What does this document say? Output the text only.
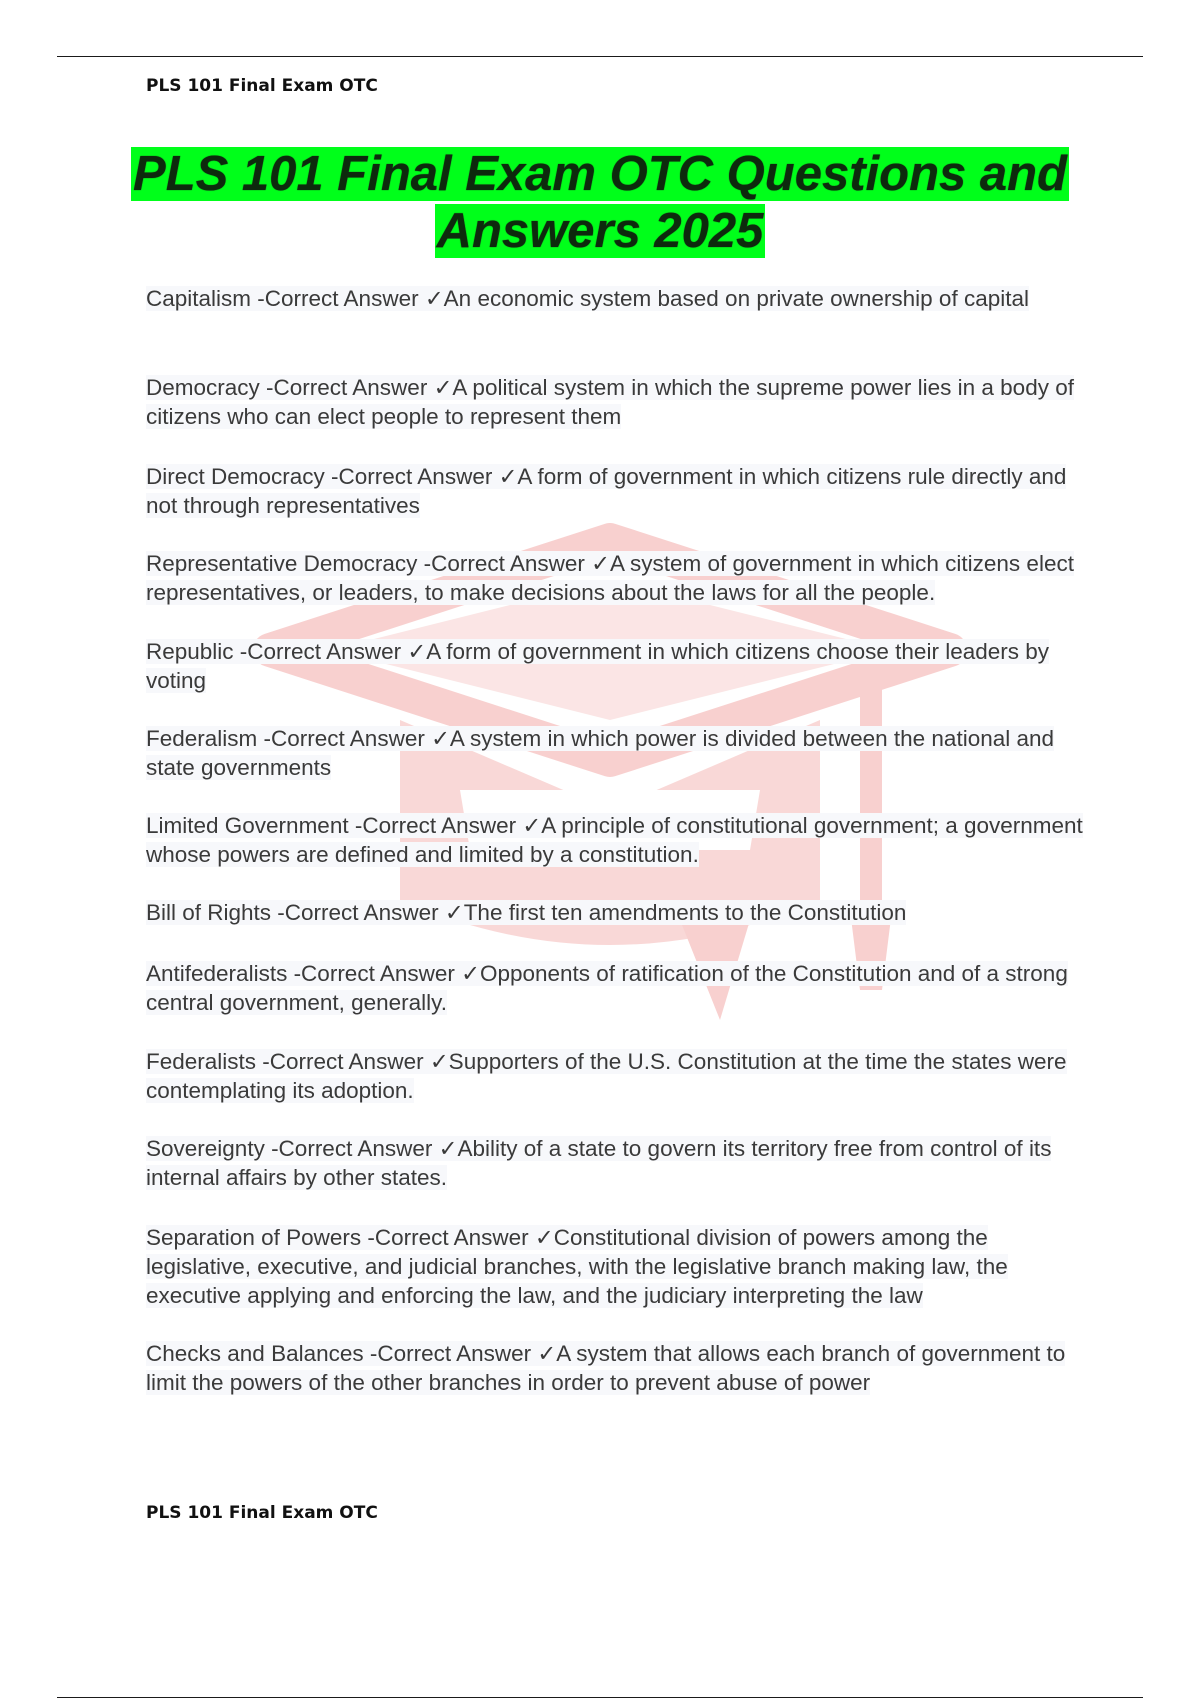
PLS 101 Final Exam OTC

PLS 101 Final Exam OTC Questions and Answers 2025

Capitalism -Correct Answer ✓An economic system based on private ownership of capital

Democracy -Correct Answer ✓A political system in which the supreme power lies in a body of citizens who can elect people to represent them

Direct Democracy -Correct Answer ✓A form of government in which citizens rule directly and not through representatives

Representative Democracy -Correct Answer ✓A system of government in which citizens elect representatives, or leaders, to make decisions about the laws for all the people.

Republic -Correct Answer ✓A form of government in which citizens choose their leaders by voting

Federalism -Correct Answer ✓A system in which power is divided between the national and state governments

Limited Government -Correct Answer ✓A principle of constitutional government; a government whose powers are defined and limited by a constitution.

Bill of Rights -Correct Answer ✓The first ten amendments to the Constitution

Antifederalists -Correct Answer ✓Opponents of ratification of the Constitution and of a strong central government, generally.

Federalists -Correct Answer ✓Supporters of the U.S. Constitution at the time the states were contemplating its adoption.

Sovereignty -Correct Answer ✓Ability of a state to govern its territory free from control of its internal affairs by other states.

Separation of Powers -Correct Answer ✓Constitutional division of powers among the legislative, executive, and judicial branches, with the legislative branch making law, the executive applying and enforcing the law, and the judiciary interpreting the law

Checks and Balances -Correct Answer ✓A system that allows each branch of government to limit the powers of the other branches in order to prevent abuse of power

PLS 101 Final Exam OTC
